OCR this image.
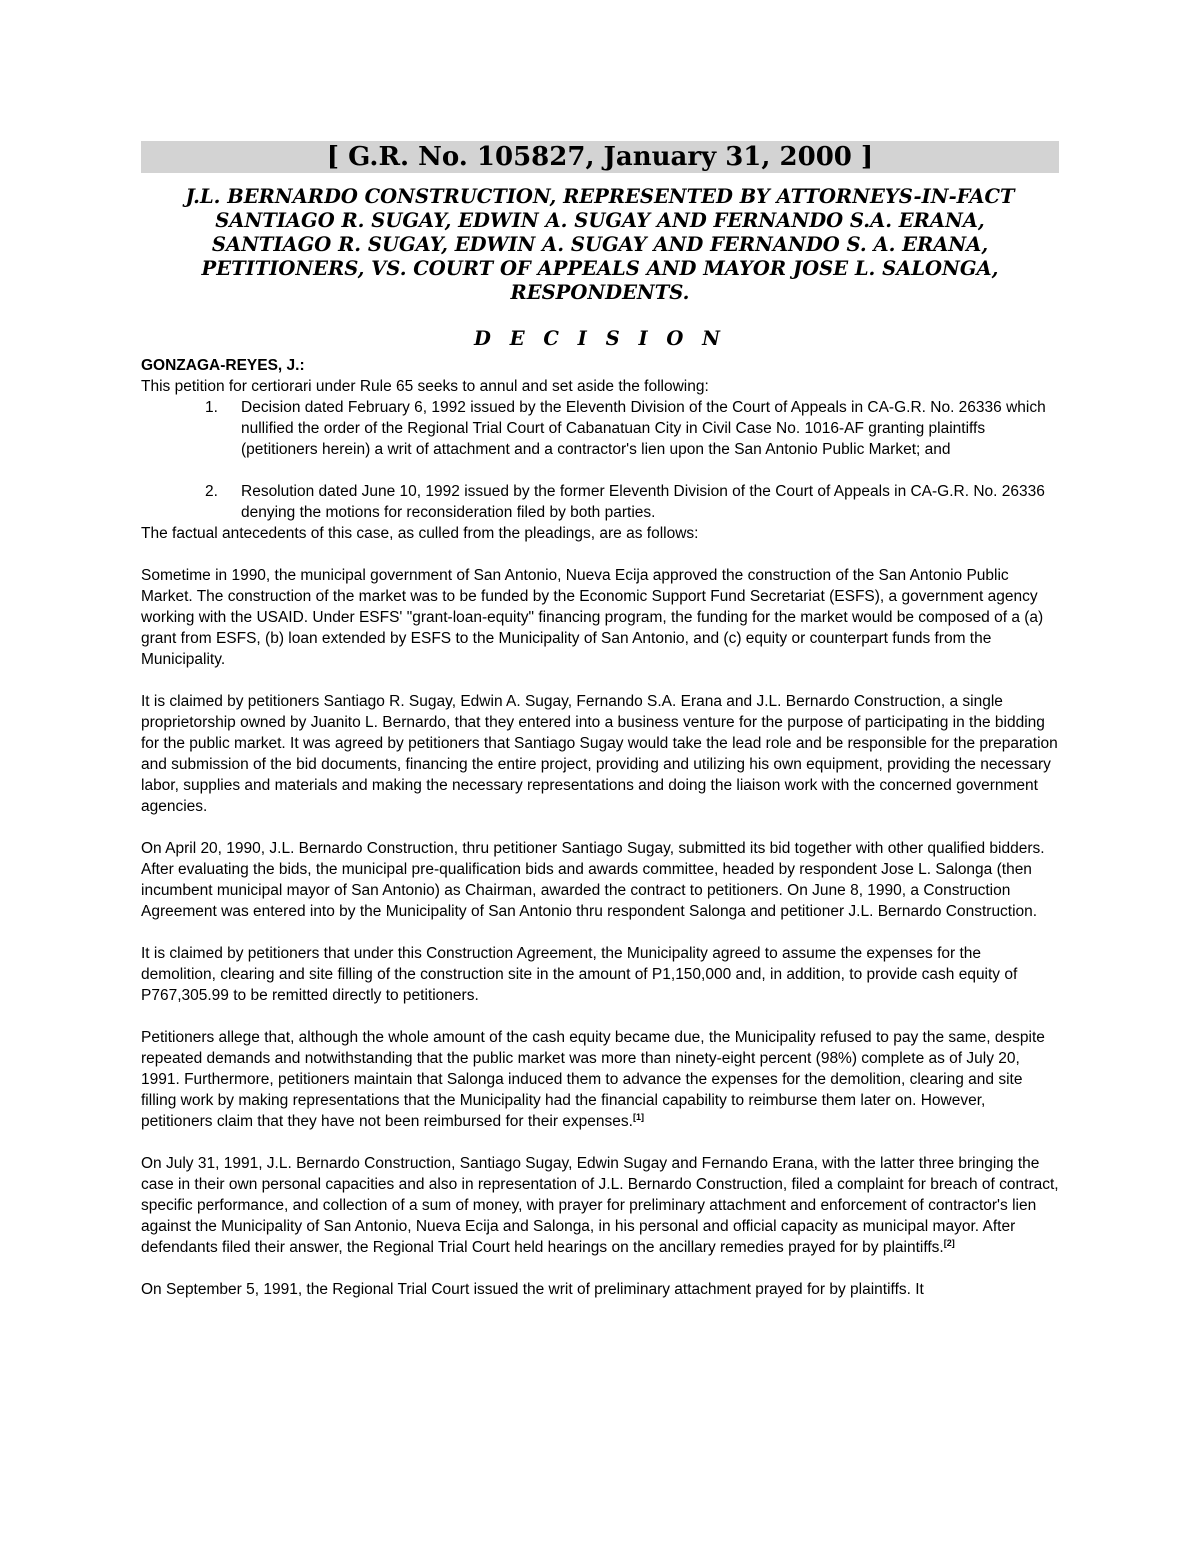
[ G.R. No. 105827, January 31, 2000 ]
J.L. BERNARDO CONSTRUCTION, REPRESENTED BY ATTORNEYS-IN-FACT
SANTIAGO R. SUGAY, EDWIN A. SUGAY AND FERNANDO S.A. ERANA,
SANTIAGO R. SUGAY, EDWIN A. SUGAY AND FERNANDO S. A. ERANA,
PETITIONERS, VS. COURT OF APPEALS AND MAYOR JOSE L. SALONGA,
RESPONDENTS.
D E C I S I O N
GONZAGA-REYES, J.:

This petition for certiorari under Rule 65 seeks to annul and set aside the following:

1. Decision dated February 6, 1992 issued by the Eleventh Division of the Court of Appeals in CA-G.R. No. 26336 which nullified the order of the Regional Trial Court of Cabanatuan City in Civil Case No. 1016-AF granting plaintiffs (petitioners herein) a writ of attachment and a contractor's lien upon the San Antonio Public Market; and
2. Resolution dated June 10, 1992 issued by the former Eleventh Division of the Court of Appeals in CA-G.R. No. 26336 denying the motions for reconsideration filed by both parties.

The factual antecedents of this case, as culled from the pleadings, are as follows:

Sometime in 1990, the municipal government of San Antonio, Nueva Ecija approved the construction of the San Antonio Public Market. The construction of the market was to be funded by the Economic Support Fund Secretariat (ESFS), a government agency working with the USAID. Under ESFS' "grant-loan-equity" financing program, the funding for the market would be composed of a (a) grant from ESFS, (b) loan extended by ESFS to the Municipality of San Antonio, and (c) equity or counterpart funds from the Municipality.

It is claimed by petitioners Santiago R. Sugay, Edwin A. Sugay, Fernando S.A. Erana and J.L. Bernardo Construction, a single proprietorship owned by Juanito L. Bernardo, that they entered into a business venture for the purpose of participating in the bidding for the public market. It was agreed by petitioners that Santiago Sugay would take the lead role and be responsible for the preparation and submission of the bid documents, financing the entire project, providing and utilizing his own equipment, providing the necessary labor, supplies and materials and making the necessary representations and doing the liaison work with the concerned government agencies.

On April 20, 1990, J.L. Bernardo Construction, thru petitioner Santiago Sugay, submitted its bid together with other qualified bidders. After evaluating the bids, the municipal pre-qualification bids and awards committee, headed by respondent Jose L. Salonga (then incumbent municipal mayor of San Antonio) as Chairman, awarded the contract to petitioners. On June 8, 1990, a Construction Agreement was entered into by the Municipality of San Antonio thru respondent Salonga and petitioner J.L. Bernardo Construction.

It is claimed by petitioners that under this Construction Agreement, the Municipality agreed to assume the expenses for the demolition, clearing and site filling of the construction site in the amount of P1,150,000 and, in addition, to provide cash equity of P767,305.99 to be remitted directly to petitioners.

Petitioners allege that, although the whole amount of the cash equity became due, the Municipality refused to pay the same, despite repeated demands and notwithstanding that the public market was more than ninety-eight percent (98%) complete as of July 20, 1991. Furthermore, petitioners maintain that Salonga induced them to advance the expenses for the demolition, clearing and site filling work by making representations that the Municipality had the financial capability to reimburse them later on. However, petitioners claim that they have not been reimbursed for their expenses.[1]

On July 31, 1991, J.L. Bernardo Construction, Santiago Sugay, Edwin Sugay and Fernando Erana, with the latter three bringing the case in their own personal capacities and also in representation of J.L. Bernardo Construction, filed a complaint for breach of contract, specific performance, and collection of a sum of money, with prayer for preliminary attachment and enforcement of contractor's lien against the Municipality of San Antonio, Nueva Ecija and Salonga, in his personal and official capacity as municipal mayor. After defendants filed their answer, the Regional Trial Court held hearings on the ancillary remedies prayed for by plaintiffs.[2]

On September 5, 1991, the Regional Trial Court issued the writ of preliminary attachment prayed for by plaintiffs. It
